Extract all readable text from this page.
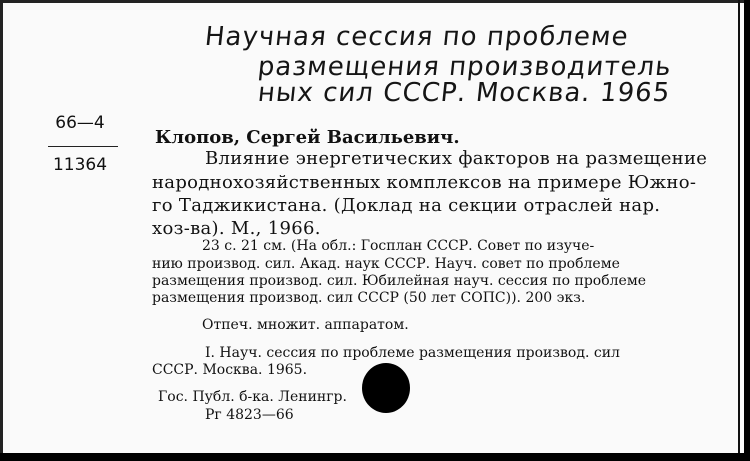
Научная сессия по проблеме
размещения производитель
ных сил СССР. Москва. 1965
66—4
11364
Клопов, Сергей Васильевич.
Влияние энергетических факторов на размещение
народнохозяйственных комплексов на примере Южно-
го Таджикистана. (Доклад на секции отраслей нар.
хоз-ва). М., 1966.
23 с. 21 см. (На обл.: Госплан СССР. Совет по изуче-
нию производ. сил. Акад. наук СССР. Науч. совет по проблеме
размещения производ. сил. Юбилейная науч. сессия по проблеме
размещения производ. сил СССР (50 лет СОПС)). 200 экз.
Отпеч. множит. аппаратом.
I. Науч. сессия по проблеме размещения производ. сил
СССР. Москва. 1965.
Гос. Публ. б-ка. Ленингр.
Рг 4823—66
